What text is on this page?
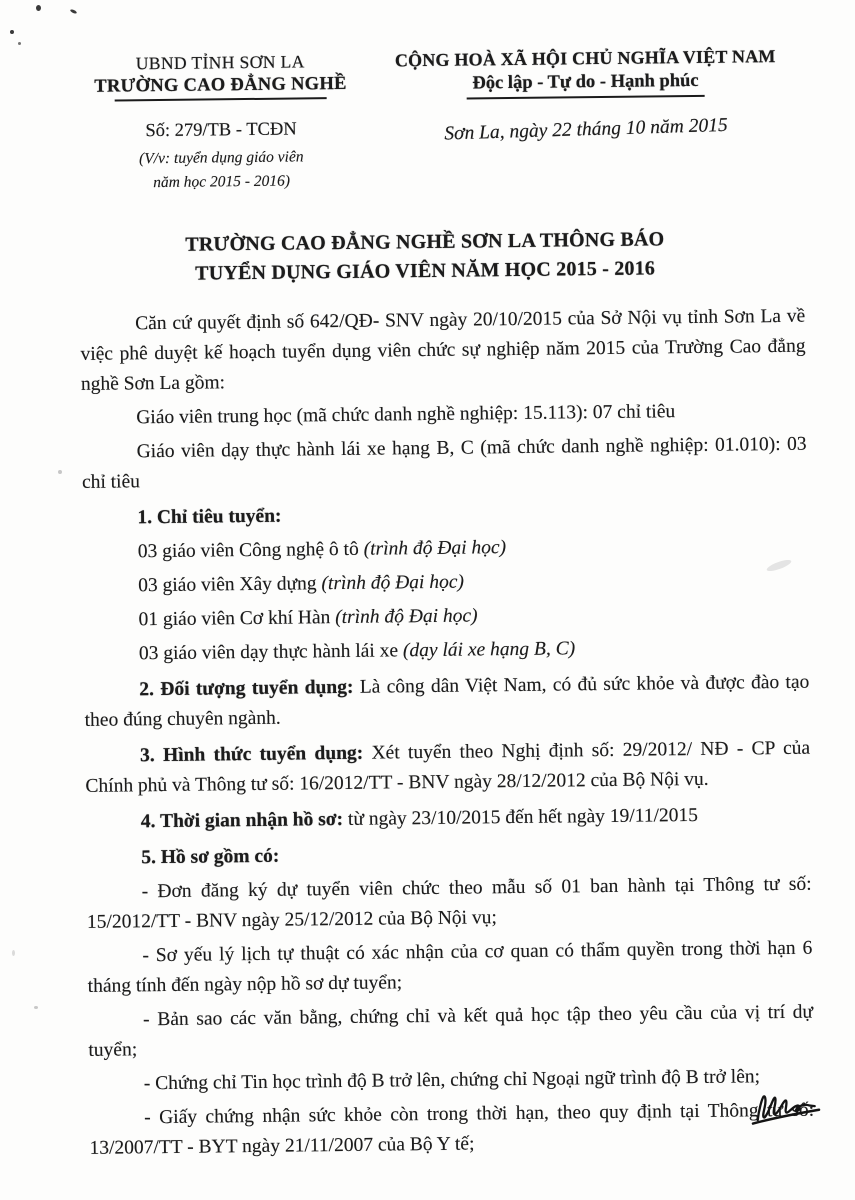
UBND TỈNH SƠN LA
TRƯỜNG CAO ĐẲNG NGHỀ
Số: 279/TB - TCĐN
(V/v: tuyển dụng giáo viên
năm học 2015 - 2016)
CỘNG HOÀ XÃ HỘI CHỦ NGHĨA VIỆT NAM
Độc lập - Tự do - Hạnh phúc
Sơn La, ngày 22 tháng 10 năm 2015
TRƯỜNG CAO ĐẲNG NGHỀ SƠN LA THÔNG BÁO
TUYỂN DỤNG GIÁO VIÊN NĂM HỌC 2015 - 2016

Căn cứ quyết định số 642/QĐ- SNV ngày 20/10/2015 của Sở Nội vụ tỉnh Sơn La về việc phê duyệt kế hoạch tuyển dụng viên chức sự nghiệp năm 2015 của Trường Cao đẳng nghề Sơn La gồm:

Giáo viên trung học (mã chức danh nghề nghiệp: 15.113): 07 chỉ tiêu

Giáo viên dạy thực hành lái xe hạng B, C (mã chức danh nghề nghiệp: 01.010): 03 chỉ tiêu

1. Chỉ tiêu tuyển:

03 giáo viên Công nghệ ô tô (trình độ Đại học)

03 giáo viên Xây dựng (trình độ Đại học)

01 giáo viên Cơ khí Hàn (trình độ Đại học)

03 giáo viên dạy thực hành lái xe (dạy lái xe hạng B, C)

2. Đối tượng tuyển dụng: Là công dân Việt Nam, có đủ sức khỏe và được đào tạo theo đúng chuyên ngành.

3. Hình thức tuyển dụng: Xét tuyển theo Nghị định số: 29/2012/ NĐ - CP của Chính phủ và Thông tư số: 16/2012/TT - BNV ngày 28/12/2012 của Bộ Nội vụ.

4. Thời gian nhận hồ sơ: từ ngày 23/10/2015 đến hết ngày 19/11/2015

5. Hồ sơ gồm có:

- Đơn đăng ký dự tuyển viên chức theo mẫu số 01 ban hành tại Thông tư số: 15/2012/TT - BNV ngày 25/12/2012 của Bộ Nội vụ;

- Sơ yếu lý lịch tự thuật có xác nhận của cơ quan có thẩm quyền trong thời hạn 6 tháng tính đến ngày nộp hồ sơ dự tuyển;

- Bản sao các văn bằng, chứng chỉ và kết quả học tập theo yêu cầu của vị trí dự tuyển;

- Chứng chỉ Tin học trình độ B trở lên, chứng chỉ Ngoại ngữ trình độ B trở lên;

- Giấy chứng nhận sức khỏe còn trong thời hạn, theo quy định tại Thông tư số: 13/2007/TT - BYT ngày 21/11/2007 của Bộ Y tế;
